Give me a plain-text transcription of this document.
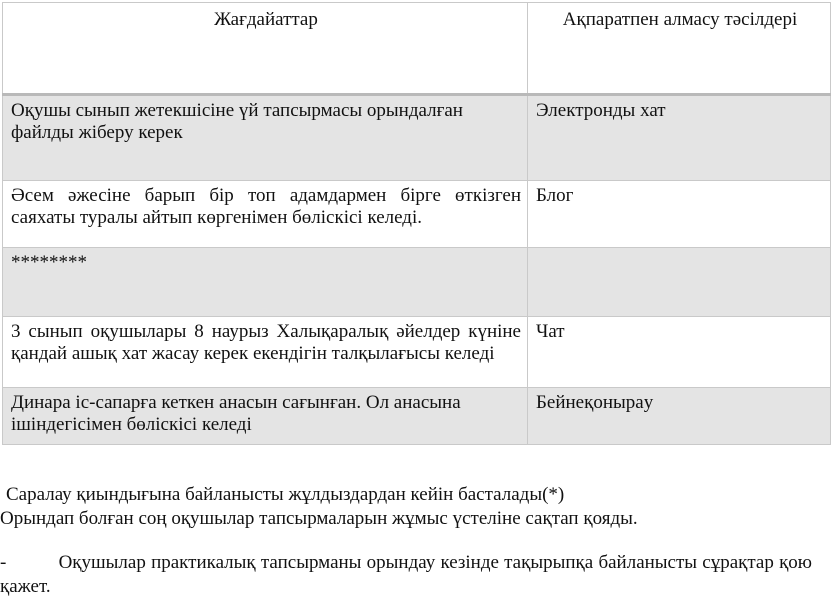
Жағдайаттар	Ақпаратпен алмасу тәсілдері
Оқушы сынып жетекшісіне үй тапсырмасы орындалған файлды жіберу керек	Электронды хат
Әсем әжесіне барып бір топ адамдармен бірге өткізген саяхаты туралы айтып көргенімен бөлiскiсi келедi.	Блог
********	
3 сынып оқушылары 8 наурыз Халықаралық әйелдер күніне қандай ашық хат жасау керек екендігін талқылағысы келеді	Чат
Динара іс-сапарға кеткен анасын сағынған. Ол анасына ішіндегісімен бөлiскiсi келедi	Бейнеқоныраy

Саралау қиындығына байланысты жұлдыздардан кейін басталады(*)

Орындап болған соң оқушылар тапсырмаларын жұмыс үстеліне сақтап қояды.

-          Оқушылар практикалық тапсырманы орындау кезінде тақырыпқа байланысты сұрақтар қою қажет.
